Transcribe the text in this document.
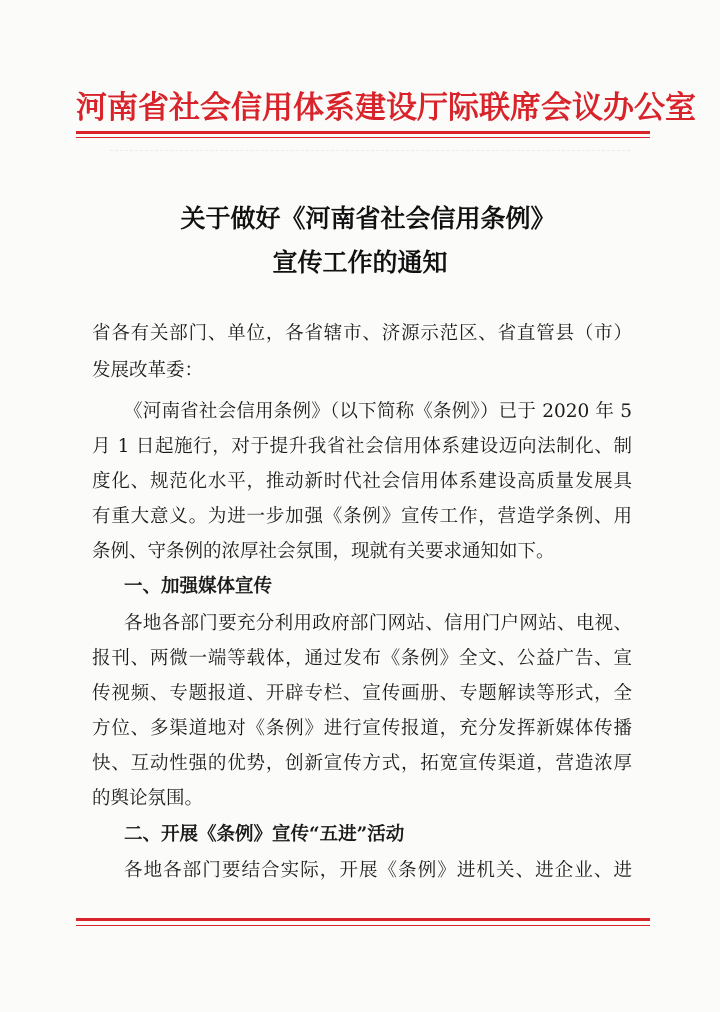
河南省社会信用体系建设厅际联席会议办公室
关于做好《河南省社会信用条例》
宣传工作的通知
省各有关部门、单位，各省辖市、济源示范区、省直管县（市）
发展改革委：
《河南省社会信用条例》（以下简称《条例》）已于 2020 年 5
月 1 日起施行，对于提升我省社会信用体系建设迈向法制化、制
度化、规范化水平，推动新时代社会信用体系建设高质量发展具
有重大意义。为进一步加强《条例》宣传工作，营造学条例、用
条例、守条例的浓厚社会氛围，现就有关要求通知如下。
一、加强媒体宣传
各地各部门要充分利用政府部门网站、信用门户网站、电视、
报刊、两微一端等载体，通过发布《条例》全文、公益广告、宣
传视频、专题报道、开辟专栏、宣传画册、专题解读等形式，全
方位、多渠道地对《条例》进行宣传报道，充分发挥新媒体传播
快、互动性强的优势，创新宣传方式，拓宽宣传渠道，营造浓厚
的舆论氛围。
二、开展《条例》宣传“五进”活动
各地各部门要结合实际，开展《条例》进机关、进企业、进
